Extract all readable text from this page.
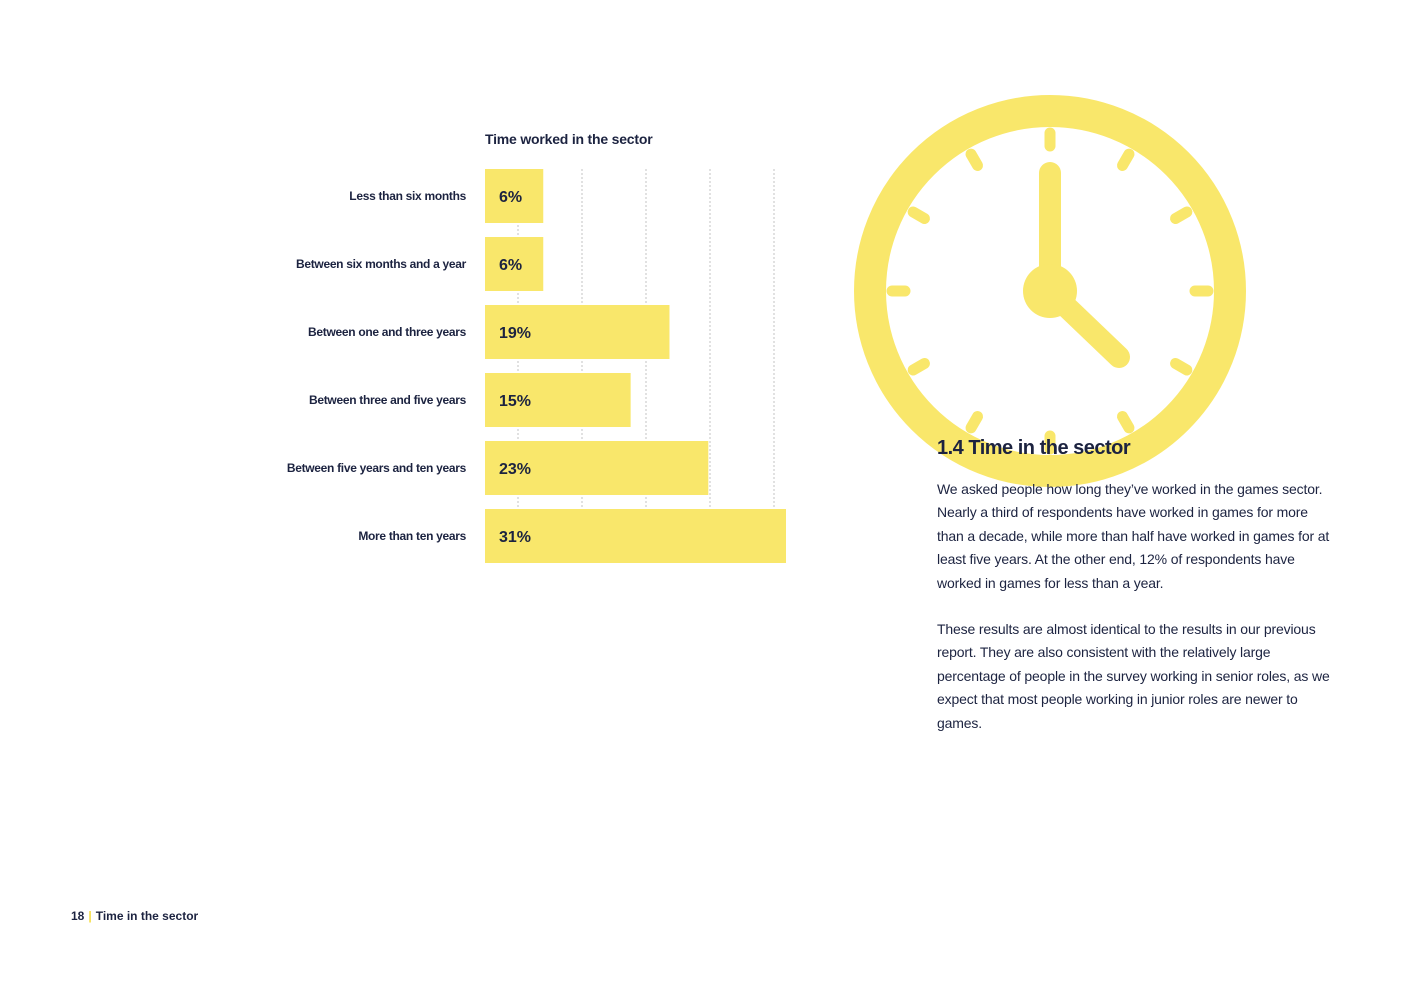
6%
6%
19%
15%
23%
31%
Less than six months
Between six months and a year
Between one and three years
Between three and five years
Between five years and ten years
More than ten years
Time worked in the sector
1.4 Time in the sector

We asked people how long they’ve worked in the games sector. Nearly a third of respondents have worked in games for more than a decade, while more than half have worked in games for at least five years. At the other end, 12% of respondents have worked in games for less than a year.

These results are almost identical to the results in our previous report. They are also consistent with the relatively large percentage of people in the survey working in senior roles, as we expect that most people working in junior roles are newer to games.

18 | Time in the sector
